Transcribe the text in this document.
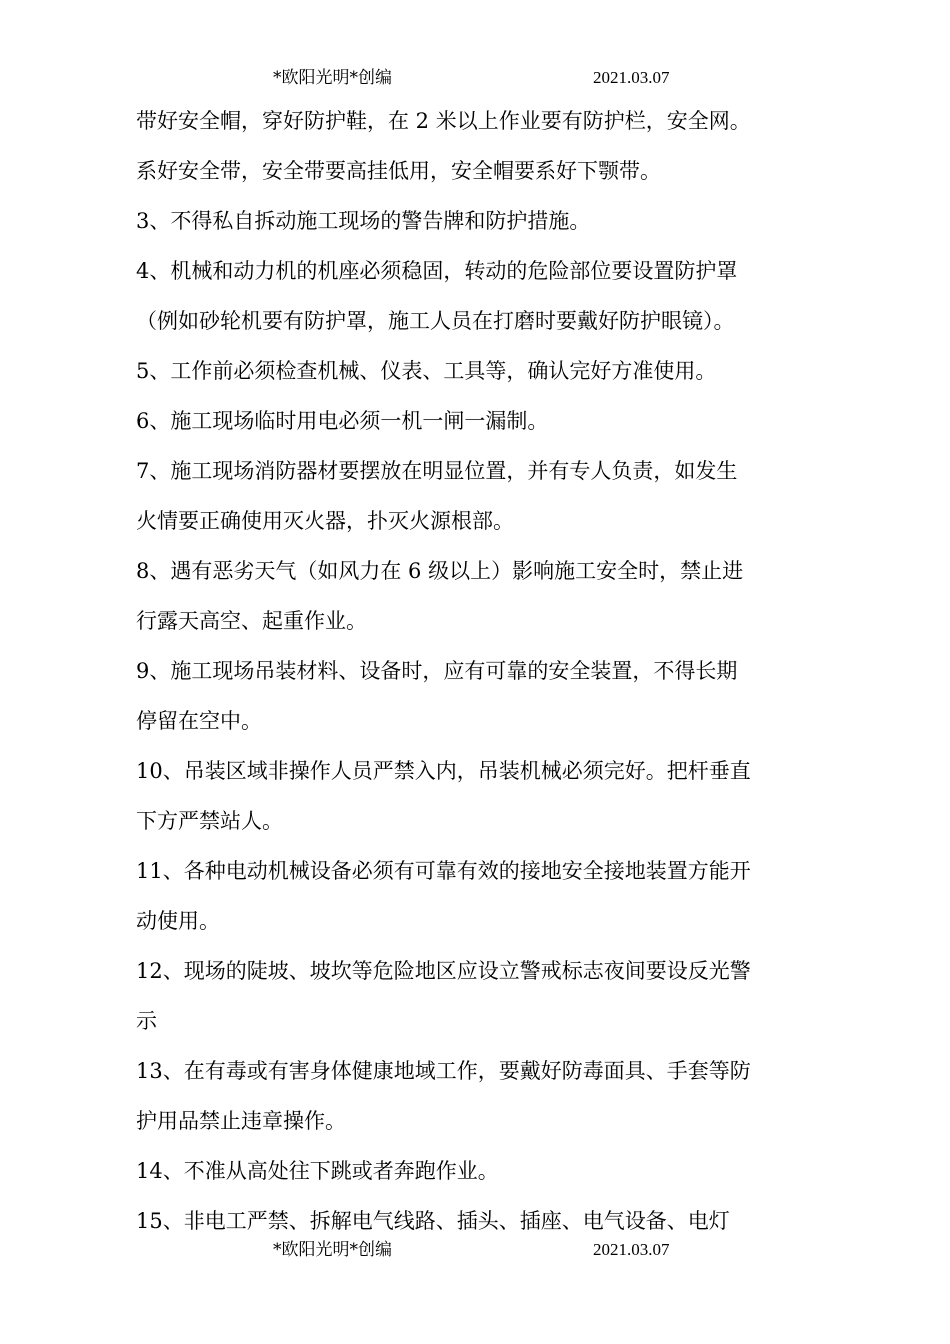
*欧阳光明*创编	2021.03.07
带好安全帽，穿好防护鞋，在 2 米以上作业要有防护栏，安全网。
系好安全带，安全带要高挂低用，安全帽要系好下颚带。
3、不得私自拆动施工现场的警告牌和防护措施。
4、机械和动力机的机座必须稳固，转动的危险部位要设置防护罩
（例如砂轮机要有防护罩，施工人员在打磨时要戴好防护眼镜）。
5、工作前必须检查机械、仪表、工具等，确认完好方准使用。
6、施工现场临时用电必须一机一闸一漏制。
7、施工现场消防器材要摆放在明显位置，并有专人负责，如发生
火情要正确使用灭火器，扑灭火源根部。
8、遇有恶劣天气（如风力在 6 级以上）影响施工安全时，禁止进
行露天高空、起重作业。
9、施工现场吊装材料、设备时，应有可靠的安全装置，不得长期
停留在空中。
10、吊装区域非操作人员严禁入内，吊装机械必须完好。把杆垂直
下方严禁站人。
11、各种电动机械设备必须有可靠有效的接地安全接地装置方能开
动使用。
12、现场的陡坡、坡坎等危险地区应设立警戒标志夜间要设反光警
示
13、在有毒或有害身体健康地域工作，要戴好防毒面具、手套等防
护用品禁止违章操作。
14、不准从高处往下跳或者奔跑作业。
15、非电工严禁、拆解电气线路、插头、插座、电气设备、电灯
*欧阳光明*创编	2021.03.07
